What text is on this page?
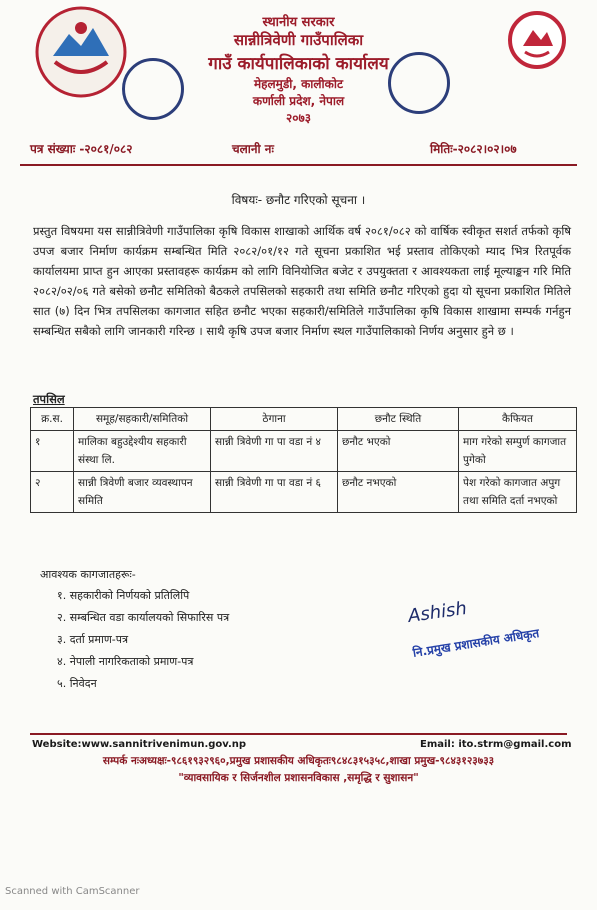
स्थानीय सरकार
सान्नीत्रिवेणी गाउँपालिका
गाउँ कार्यपालिकाको कार्यालय
मेहलमुडी, कालीकोट
कर्णाली प्रदेश, नेपाल
२०७३
पत्र संख्याः -२०८१/०८२	चलानी नः	मितिः-२०८२।०२।०७
विषयः- छनौट गरिएको सूचना ।
प्रस्तुत विषयमा यस सान्नीत्रिवेणी गाउँपालिका कृषि विकास शाखाको आर्थिक वर्ष २०८१/०८२ को वार्षिक स्वीकृत सशर्त तर्फको कृषि उपज बजार निर्माण कार्यक्रम सम्बन्धित मिति २०८२/०१/१२ गते सूचना प्रकाशित भई प्रस्ताव तोकिएको म्याद भित्र रितपूर्वक कार्यालयमा प्राप्त हुन आएका प्रस्तावहरू कार्यक्रम को लागि विनियोजित बजेट र उपयुक्तता र आवश्यकता लाई मूल्याङ्कन गरि मिति २०८२/०२/०६ गते बसेको छनौट समितिको बैठकले तपसिलको सहकारी तथा समिति छनौट गरिएको हुदा यो सूचना प्रकाशित मितिले सात (७) दिन भित्र तपसिलका कागजात सहित छनौट भएका सहकारी/समितिले गाउँपालिका कृषि विकास शाखामा सम्पर्क गर्नहुन सम्बन्धित सबैको लागि जानकारी गरिन्छ । साथै कृषि उपज बजार निर्माण स्थल गाउँपालिकाको निर्णय अनुसार हुने छ ।
तपसिल
क्र.स.	समूह/सहकारी/समितिको	ठेगाना	छनौट स्थिति	कैफियत
१	मालिका बहुउद्देश्यीय सहकारी संस्था लि.	सान्नी त्रिवेणी गा पा वडा नं ४	छनौट भएको	माग गरेको सम्पुर्ण कागजात पुगेको
२	सान्नी त्रिवेणी बजार व्यवस्थापन समिति	सान्नी त्रिवेणी गा पा वडा नं ६	छनौट नभएको	पेश गरेको कागजात अपुग तथा समिति दर्ता नभएको
आवश्यक कागजातहरूः-
१. सहकारीको निर्णयको प्रतिलिपि
२. सम्बन्धित वडा कार्यालयको सिफारिस पत्र
३. दर्ता प्रमाण-पत्र
४. नेपाली नागरिकताको प्रमाण-पत्र
५. निवेदन
Ashish
नि.प्रमुख प्रशासकीय अधिकृत
Website:www.sannitrivenimun.gov.np	Email: ito.strm@gmail.com
सम्पर्क नःअध्यक्षः-९८६१९३२९६०,प्रमुख प्रशासकीय अधिकृतः९८४८३१५३५८,शाखा प्रमुख-९८४३१२३७३३
"व्यावसायिक र सिर्जनशील प्रशासनविकास ,समृद्धि र सुशासन"
Scanned with CamScanner
